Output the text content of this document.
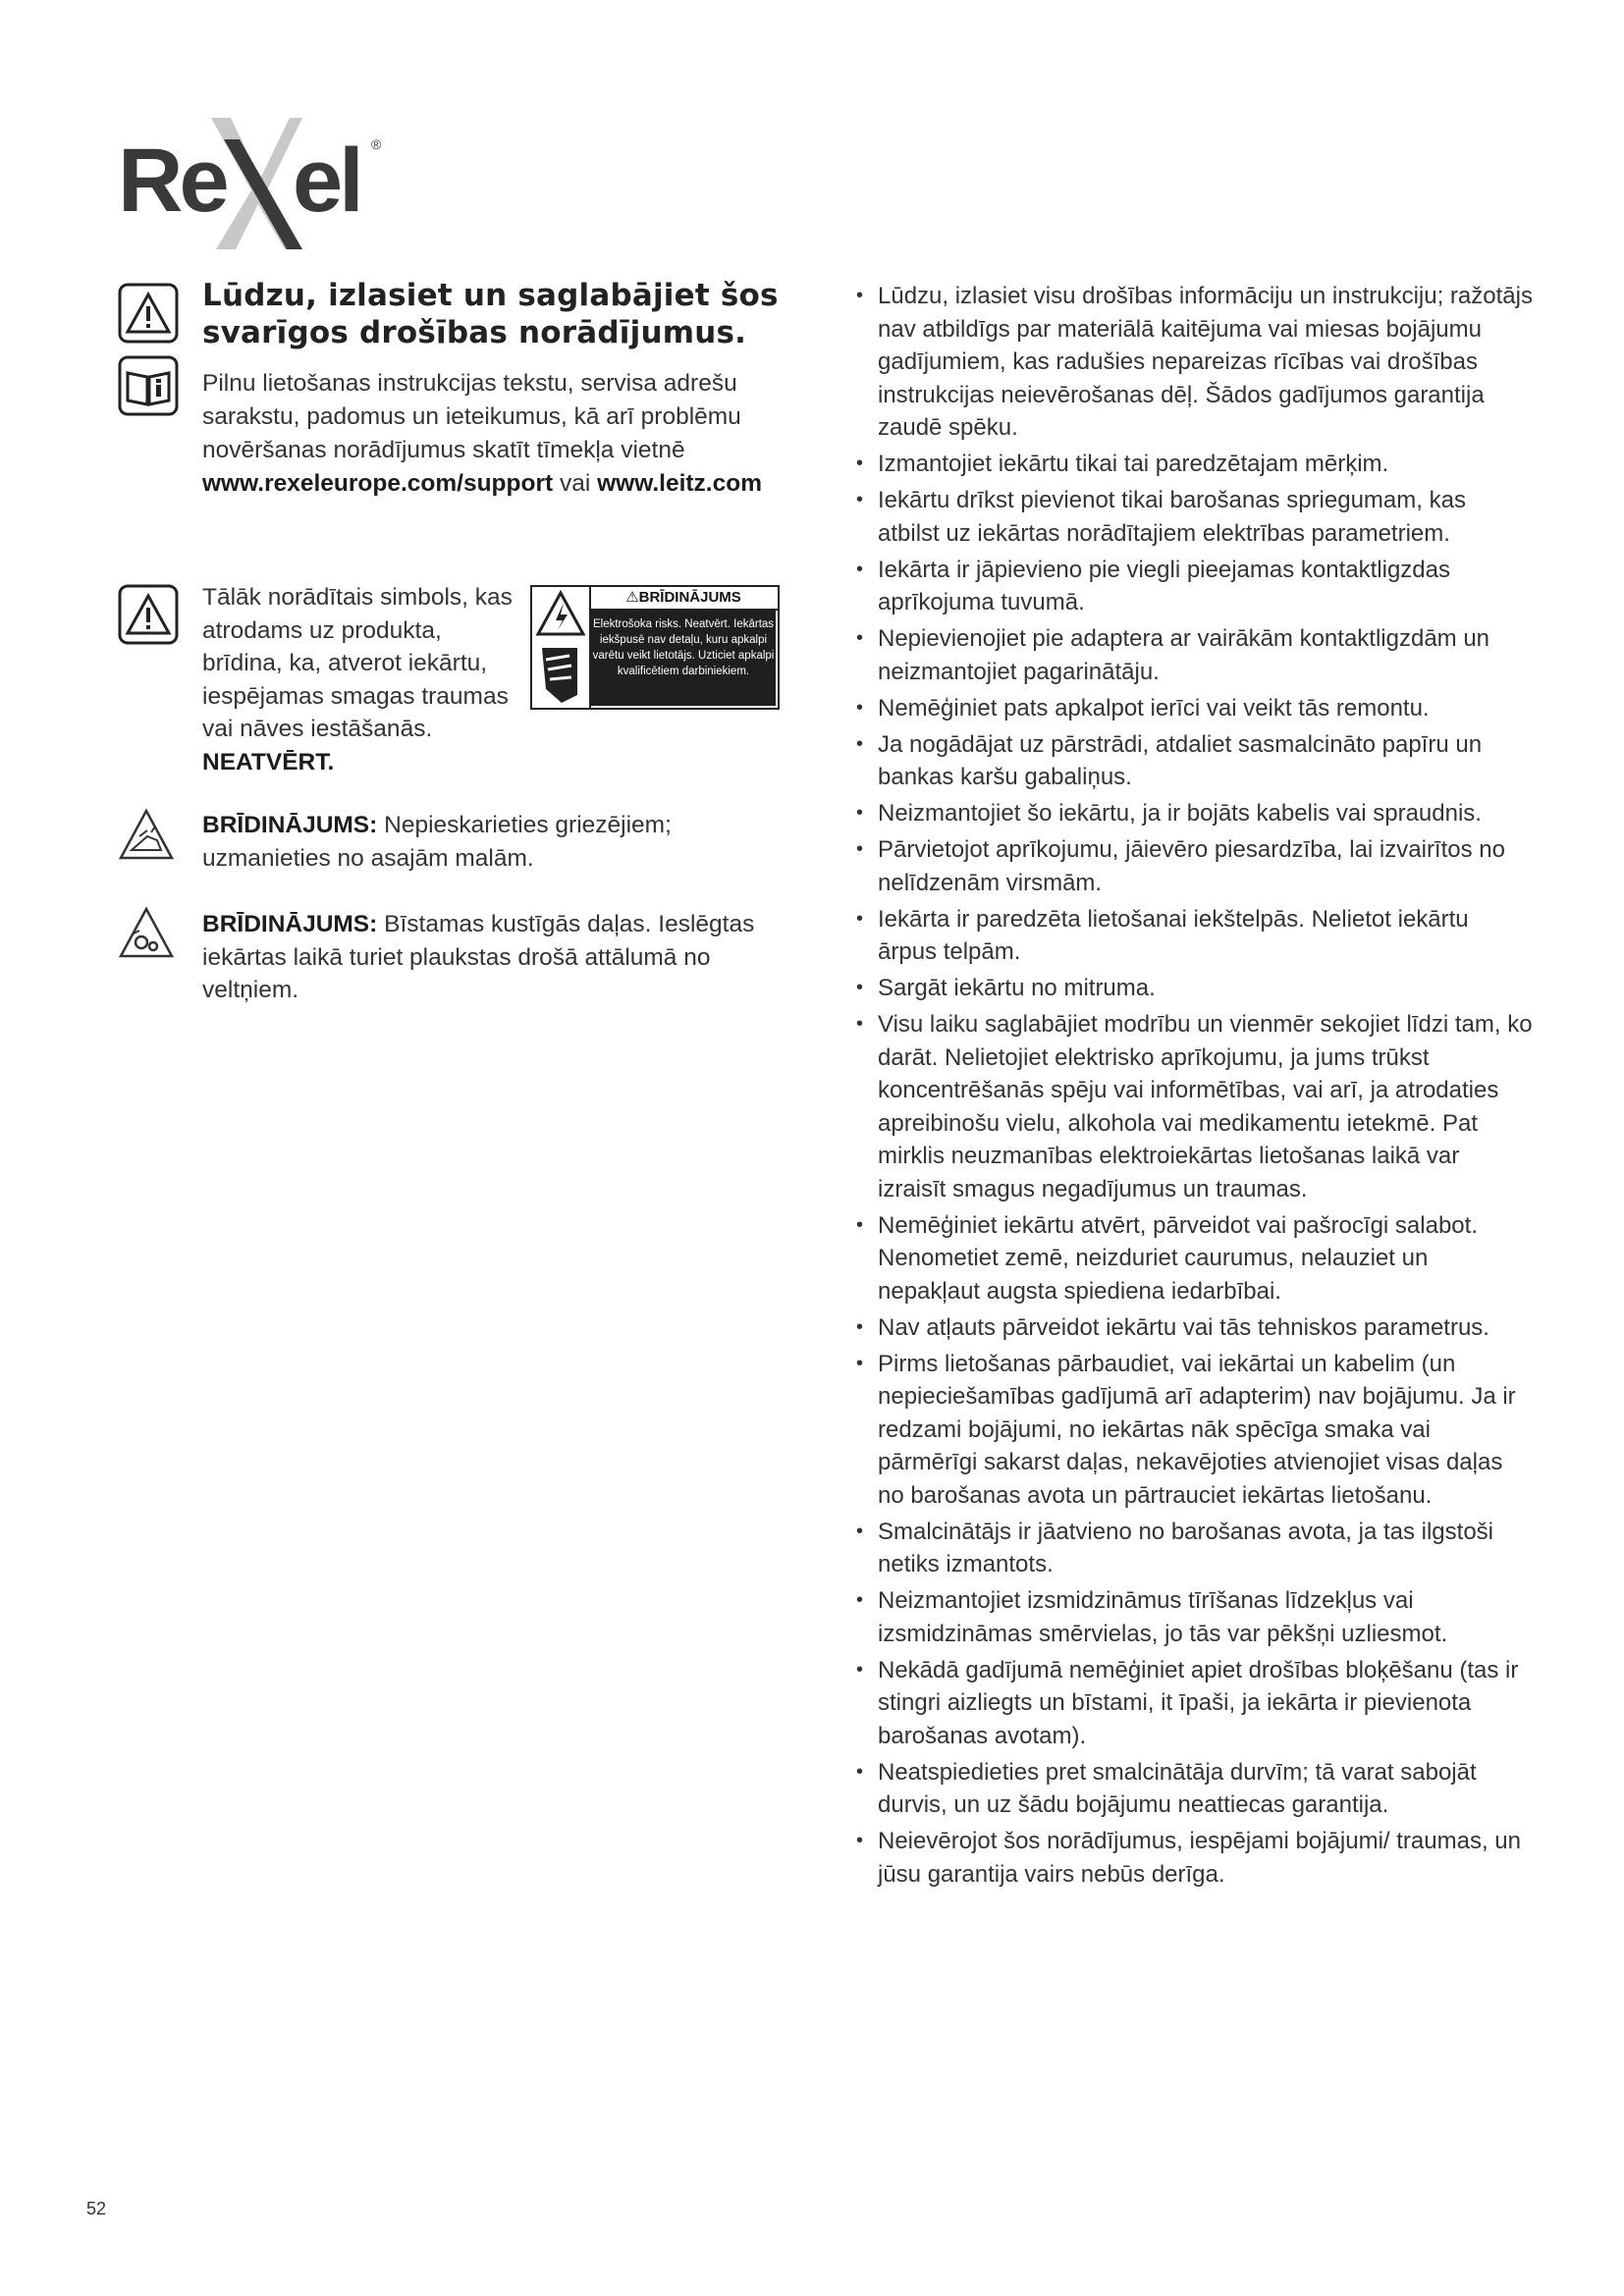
Re el ®
Lūdzu, izlasiet un saglabājiet šos svarīgos drošības norādījumus.
Pilnu lietošanas instrukcijas tekstu, servisa adrešu sarakstu, padomus un ieteikumus, kā arī problēmu novēršanas norādījumus skatīt tīmekļa vietnē www.rexeleurope.com/support vai www.leitz.com
Tālāk norādītais simbols, kas atrodams uz produkta, brīdina, ka, atverot iekārtu, iespējamas smagas traumas vai nāves iestāšanās. NEATVĒRT.
⚠BRĪDINĀJUMS
Elektrošoka risks. Neatvērt. Iekārtas iekšpusē nav detaļu, kuru apkalpi varētu veikt lietotājs. Uzticiet apkalpi kvalificētiem darbiniekiem.
BRĪDINĀJUMS: Nepieskarieties griezējiem; uzmanieties no asajām malām.
BRĪDINĀJUMS: Bīstamas kustīgās daļas. Ieslēgtas iekārtas laikā turiet plaukstas drošā attālumā no veltņiem.
• Lūdzu, izlasiet visu drošības informāciju un instrukciju; ražotājs nav atbildīgs par materiālā kaitējuma vai miesas bojājumu gadījumiem, kas radušies nepareizas rīcības vai drošības instrukcijas neievērošanas dēļ. Šādos gadījumos garantija zaudē spēku.
• Izmantojiet iekārtu tikai tai paredzētajam mērķim.
• Iekārtu drīkst pievienot tikai barošanas spriegumam, kas atbilst uz iekārtas norādītajiem elektrības parametriem.
• Iekārta ir jāpievieno pie viegli pieejamas kontaktligzdas aprīkojuma tuvumā.
• Nepievienojiet pie adaptera ar vairākām kontaktligzdām un neizmantojiet pagarinātāju.
• Nemēģiniet pats apkalpot ierīci vai veikt tās remontu.
• Ja nogādājat uz pārstrādi, atdaliet sasmalcināto papīru un bankas karšu gabaliņus.
• Neizmantojiet šo iekārtu, ja ir bojāts kabelis vai spraudnis.
• Pārvietojot aprīkojumu, jāievēro piesardzība, lai izvairītos no nelīdzenām virsmām.
• Iekārta ir paredzēta lietošanai iekštelpās. Nelietot iekārtu ārpus telpām.
• Sargāt iekārtu no mitruma.
• Visu laiku saglabājiet modrību un vienmēr sekojiet līdzi tam, ko darāt. Nelietojiet elektrisko aprīkojumu, ja jums trūkst koncentrēšanās spēju vai informētības, vai arī, ja atrodaties apreibinošu vielu, alkohola vai medikamentu ietekmē. Pat mirklis neuzmanības elektroiekārtas lietošanas laikā var izraisīt smagus negadījumus un traumas.
• Nemēģiniet iekārtu atvērt, pārveidot vai pašrocīgi salabot. Nenometiet zemē, neizduriet caurumus, nelauziet un nepakļaut augsta spiediena iedarbībai.
• Nav atļauts pārveidot iekārtu vai tās tehniskos parametrus.
• Pirms lietošanas pārbaudiet, vai iekārtai un kabelim (un nepieciešamības gadījumā arī adapterim) nav bojājumu. Ja ir redzami bojājumi, no iekārtas nāk spēcīga smaka vai pārmērīgi sakarst daļas, nekavējoties atvienojiet visas daļas no barošanas avota un pārtrauciet iekārtas lietošanu.
• Smalcinātājs ir jāatvieno no barošanas avota, ja tas ilgstoši netiks izmantots.
• Neizmantojiet izsmidzināmus tīrīšanas līdzekļus vai izsmidzināmas smērvielas, jo tās var pēkšņi uzliesmot.
• Nekādā gadījumā nemēģiniet apiet drošības bloķēšanu (tas ir stingri aizliegts un bīstami, it īpaši, ja iekārta ir pievienota barošanas avotam).
• Neatspiedieties pret smalcinātāja durvīm; tā varat sabojāt durvis, un uz šādu bojājumu neattiecas garantija.
• Neievērojot šos norādījumus, iespējami bojājumi/ traumas, un jūsu garantija vairs nebūs derīga.
52
